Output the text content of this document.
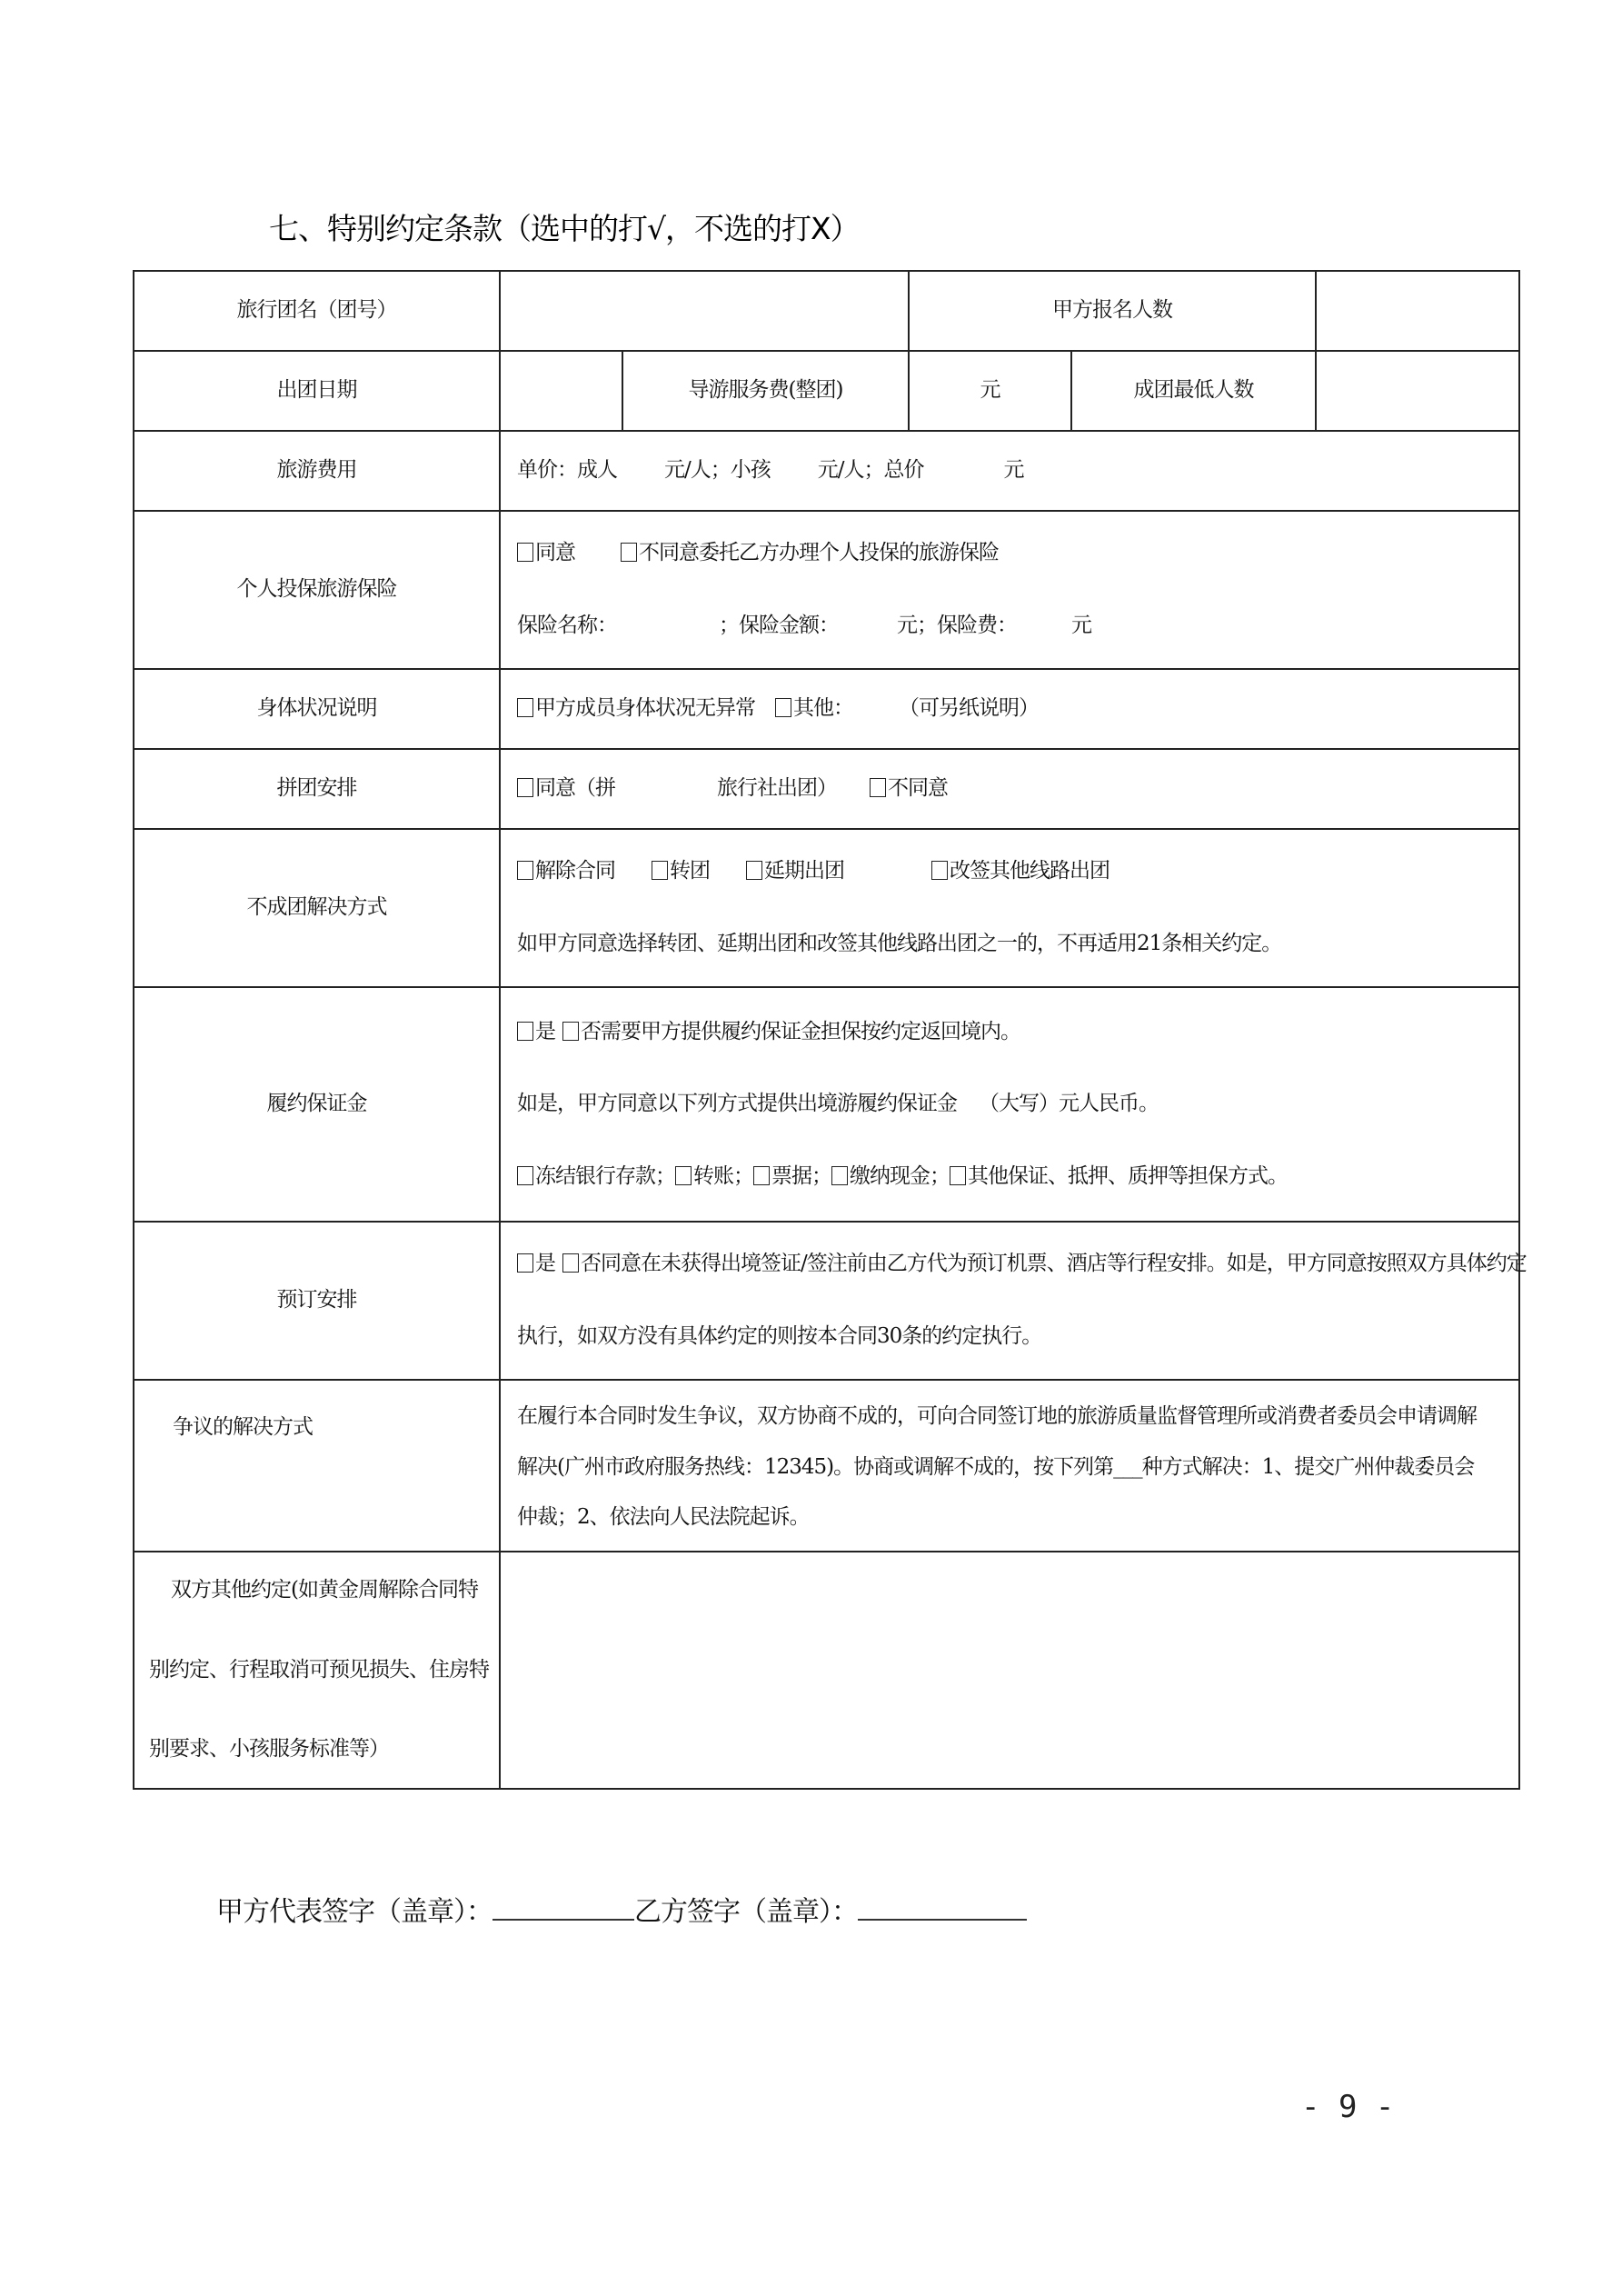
七、特别约定条款（选中的打√，不选的打X）
旅行团名（团号）			甲方报名人数		
出团日期		导游服务费(整团)	元	成团最低人数	
旅游费用	单价：成人 元/人；小孩 元/人；总价 元				

个人投保旅游保险	同意 不同意委托乙方办理个人投保的旅游保险
保险名称： ；保险金额： 元；保险费： 元				

身体状况说明	甲方成员身体状况无异常 其他： （可另纸说明）				

拼团安排	同意（拼 旅行社出团） 不同意				

不成团解决方式	解除合同 转团 延期出团 改签其他线路出团
如甲方同意选择转团、延期出团和改签其他线路出团之一的，不再适用21条相关约定。				

履约保证金	是 否需要甲方提供履约保证金担保按约定返回境内。
如是，甲方同意以下列方式提供出境游履约保证金 （大写）元人民币。
冻结银行存款； 转账； 票据； 缴纳现金； 其他保证、抵押、质押等担保方式。				

预订安排	是 否同意在未获得出境签证/签注前由乙方代为预订机票、酒店等行程安排。如是，甲方同意按照双方具体约定
执行，如双方没有具体约定的则按本合同30条的约定执行。				

争议的解决方式	在履行本合同时发生争议，双方协商不成的，可向合同签订地的旅游质量监督管理所或消费者委员会申请调解
解决(广州市政府服务热线：12345)。协商或调解不成的，按下列第___种方式解决：1、提交广州仲裁委员会
仲裁；2、依法向人民法院起诉。				

双方其他约定(如黄金周解除合同特
别约定、行程取消可预见损失、住房特
别要求、小孩服务标准等）					

甲方代表签字（盖章）：	乙方签字（盖章）：
- 9 -
